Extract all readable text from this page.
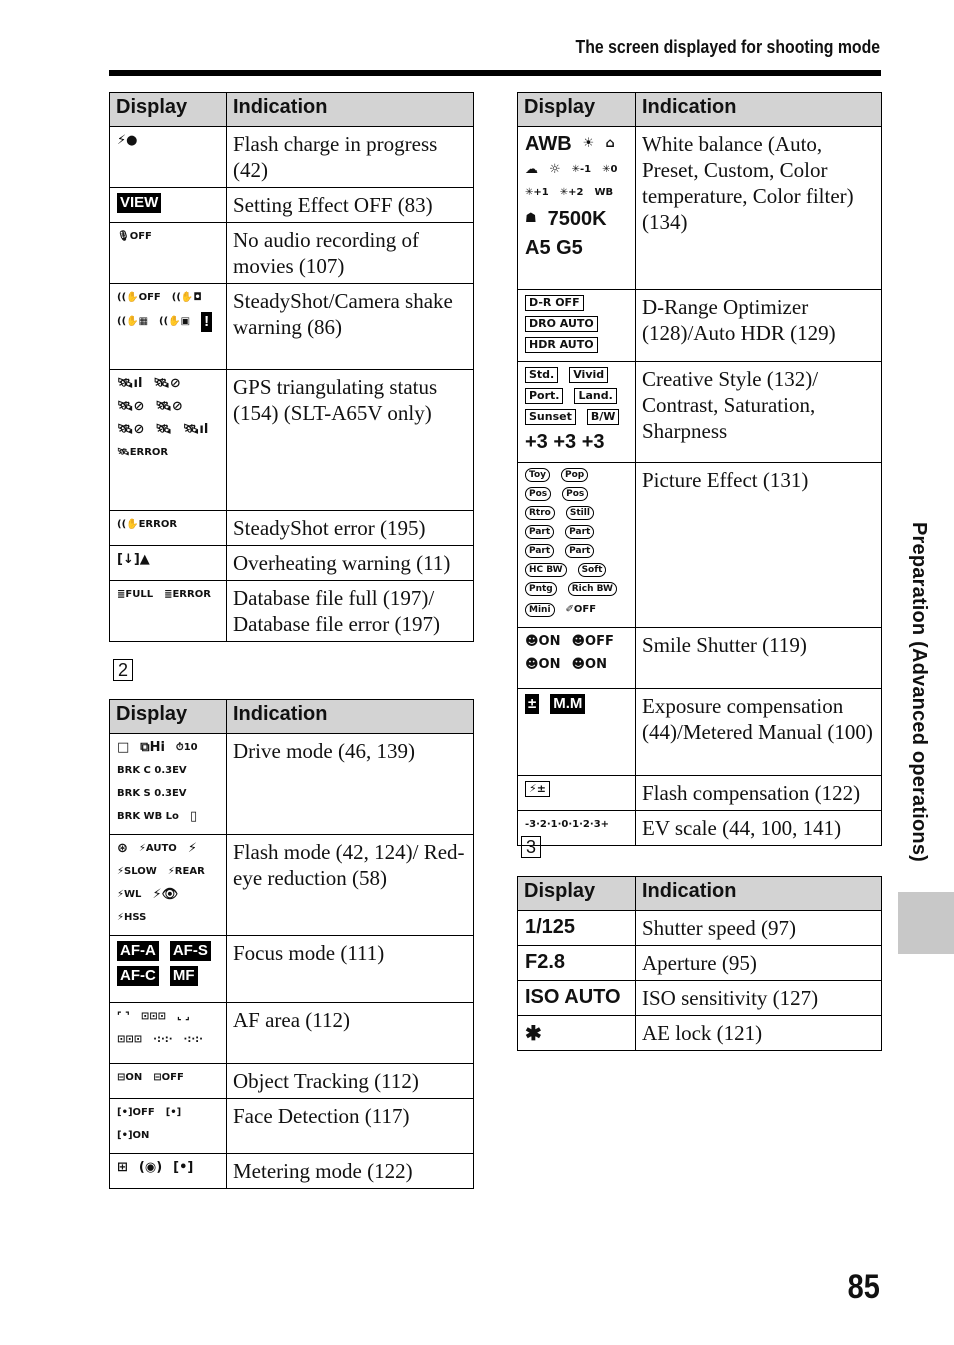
The screen displayed for shooting mode
Preparation (Advanced operations)
Display	Indication
⚡●	Flash charge in progress (42)
VIEW	Setting Effect OFF (83)
🎙OFF	No audio recording of movies (107)
((✋OFF ((✋◘ ((✋▦ ((✋▣ !	SteadyShot/Camera shake warning (86)
🛰ıl 🛰⊘ 🛰⊘ 🛰⊘ 🛰⊘ 🛰 🛰ıl 🛰ERROR	GPS triangulating status (154) (SLT-A65V only)
((✋ERROR	SteadyShot error (195)
[↓]▲	Overheating warning (11)
≣FULL ≣ERROR	Database file full (197)/ Database file error (197)
2
Display	Indication
□ ⧉Hi ⏱10 BRK C 0.3EV BRK S 0.3EV BRK WB Lo ▯	Drive mode (46, 139)
⊛ ⚡AUTO ⚡ ⚡SLOW ⚡REAR ⚡WL ⚡👁 ⚡HSS	Flash mode (42, 124)/ Red-eye reduction (58)
AF-A AF-S AF-C MF	Focus mode (111)
⌜ ⌝ ⊡⊡⊡ ⌞ ⌟ ⊡⊡⊡ ·:·:· ·:·:·	AF area (112)
⊟ON ⊟OFF	Object Tracking (112)
[•]OFF [•] [•]ON	Face Detection (117)
⊞ (◉) [•]	Metering mode (122)
Display	Indication
AWB ☀ ⌂ ☁ ☼ ✳-1 ✳0 ✳+1 ✳+2 WB ☗ 7500K A5 G5	White balance (Auto, Preset, Custom, Color temperature, Color filter) (134)
D-R OFF DRO AUTO HDR AUTO	D-Range Optimizer (128)/Auto HDR (129)
Std. Vivid Port. Land. Sunset B/W +3 +3 +3	Creative Style (132)/ Contrast, Saturation, Sharpness
Toy Pop Pos Pos Rtro Still Part Part Part Part HC BW Soft Pntg Rich BW Mini ✐OFF	Picture Effect (131)
☻ON ☻OFF ☻ON ☻ON	Smile Shutter (119)
± M.M	Exposure compensation (44)/Metered Manual (100)
⚡±	Flash compensation (122)
-3·2·1·0·1·2·3+	EV scale (44, 100, 141)
3
Display	Indication

1/125	Shutter speed (97)

F2.8	Aperture (95)

ISO AUTO	ISO sensitivity (127)

✱	AE lock (121)
85
